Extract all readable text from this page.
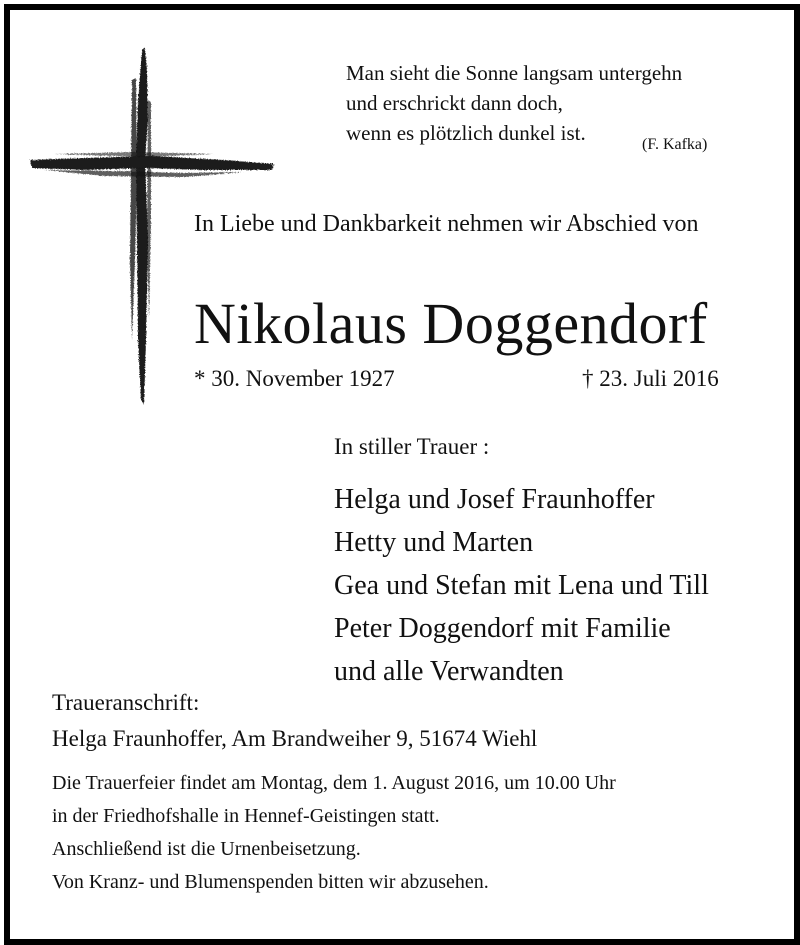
Man sieht die Sonne langsam untergehn
und erschrickt dann doch,
wenn es plötzlich dunkel ist.	(F. Kafka)
In Liebe und Dankbarkeit nehmen wir Abschied von
Nikolaus Doggendorf
* 30. November 1927	† 23. Juli 2016
In stiller Trauer :
Helga und Josef Fraunhoffer
Hetty und Marten
Gea und Stefan mit Lena und Till
Peter Doggendorf mit Familie
und alle Verwandten
Traueranschrift:
Helga Fraunhoffer, Am Brandweiher 9, 51674 Wiehl
Die Trauerfeier findet am Montag, dem 1. August 2016, um 10.00 Uhr
in der Friedhofshalle in Hennef-Geistingen statt.
Anschließend ist die Urnenbeisetzung.
Von Kranz- und Blumenspenden bitten wir abzusehen.
